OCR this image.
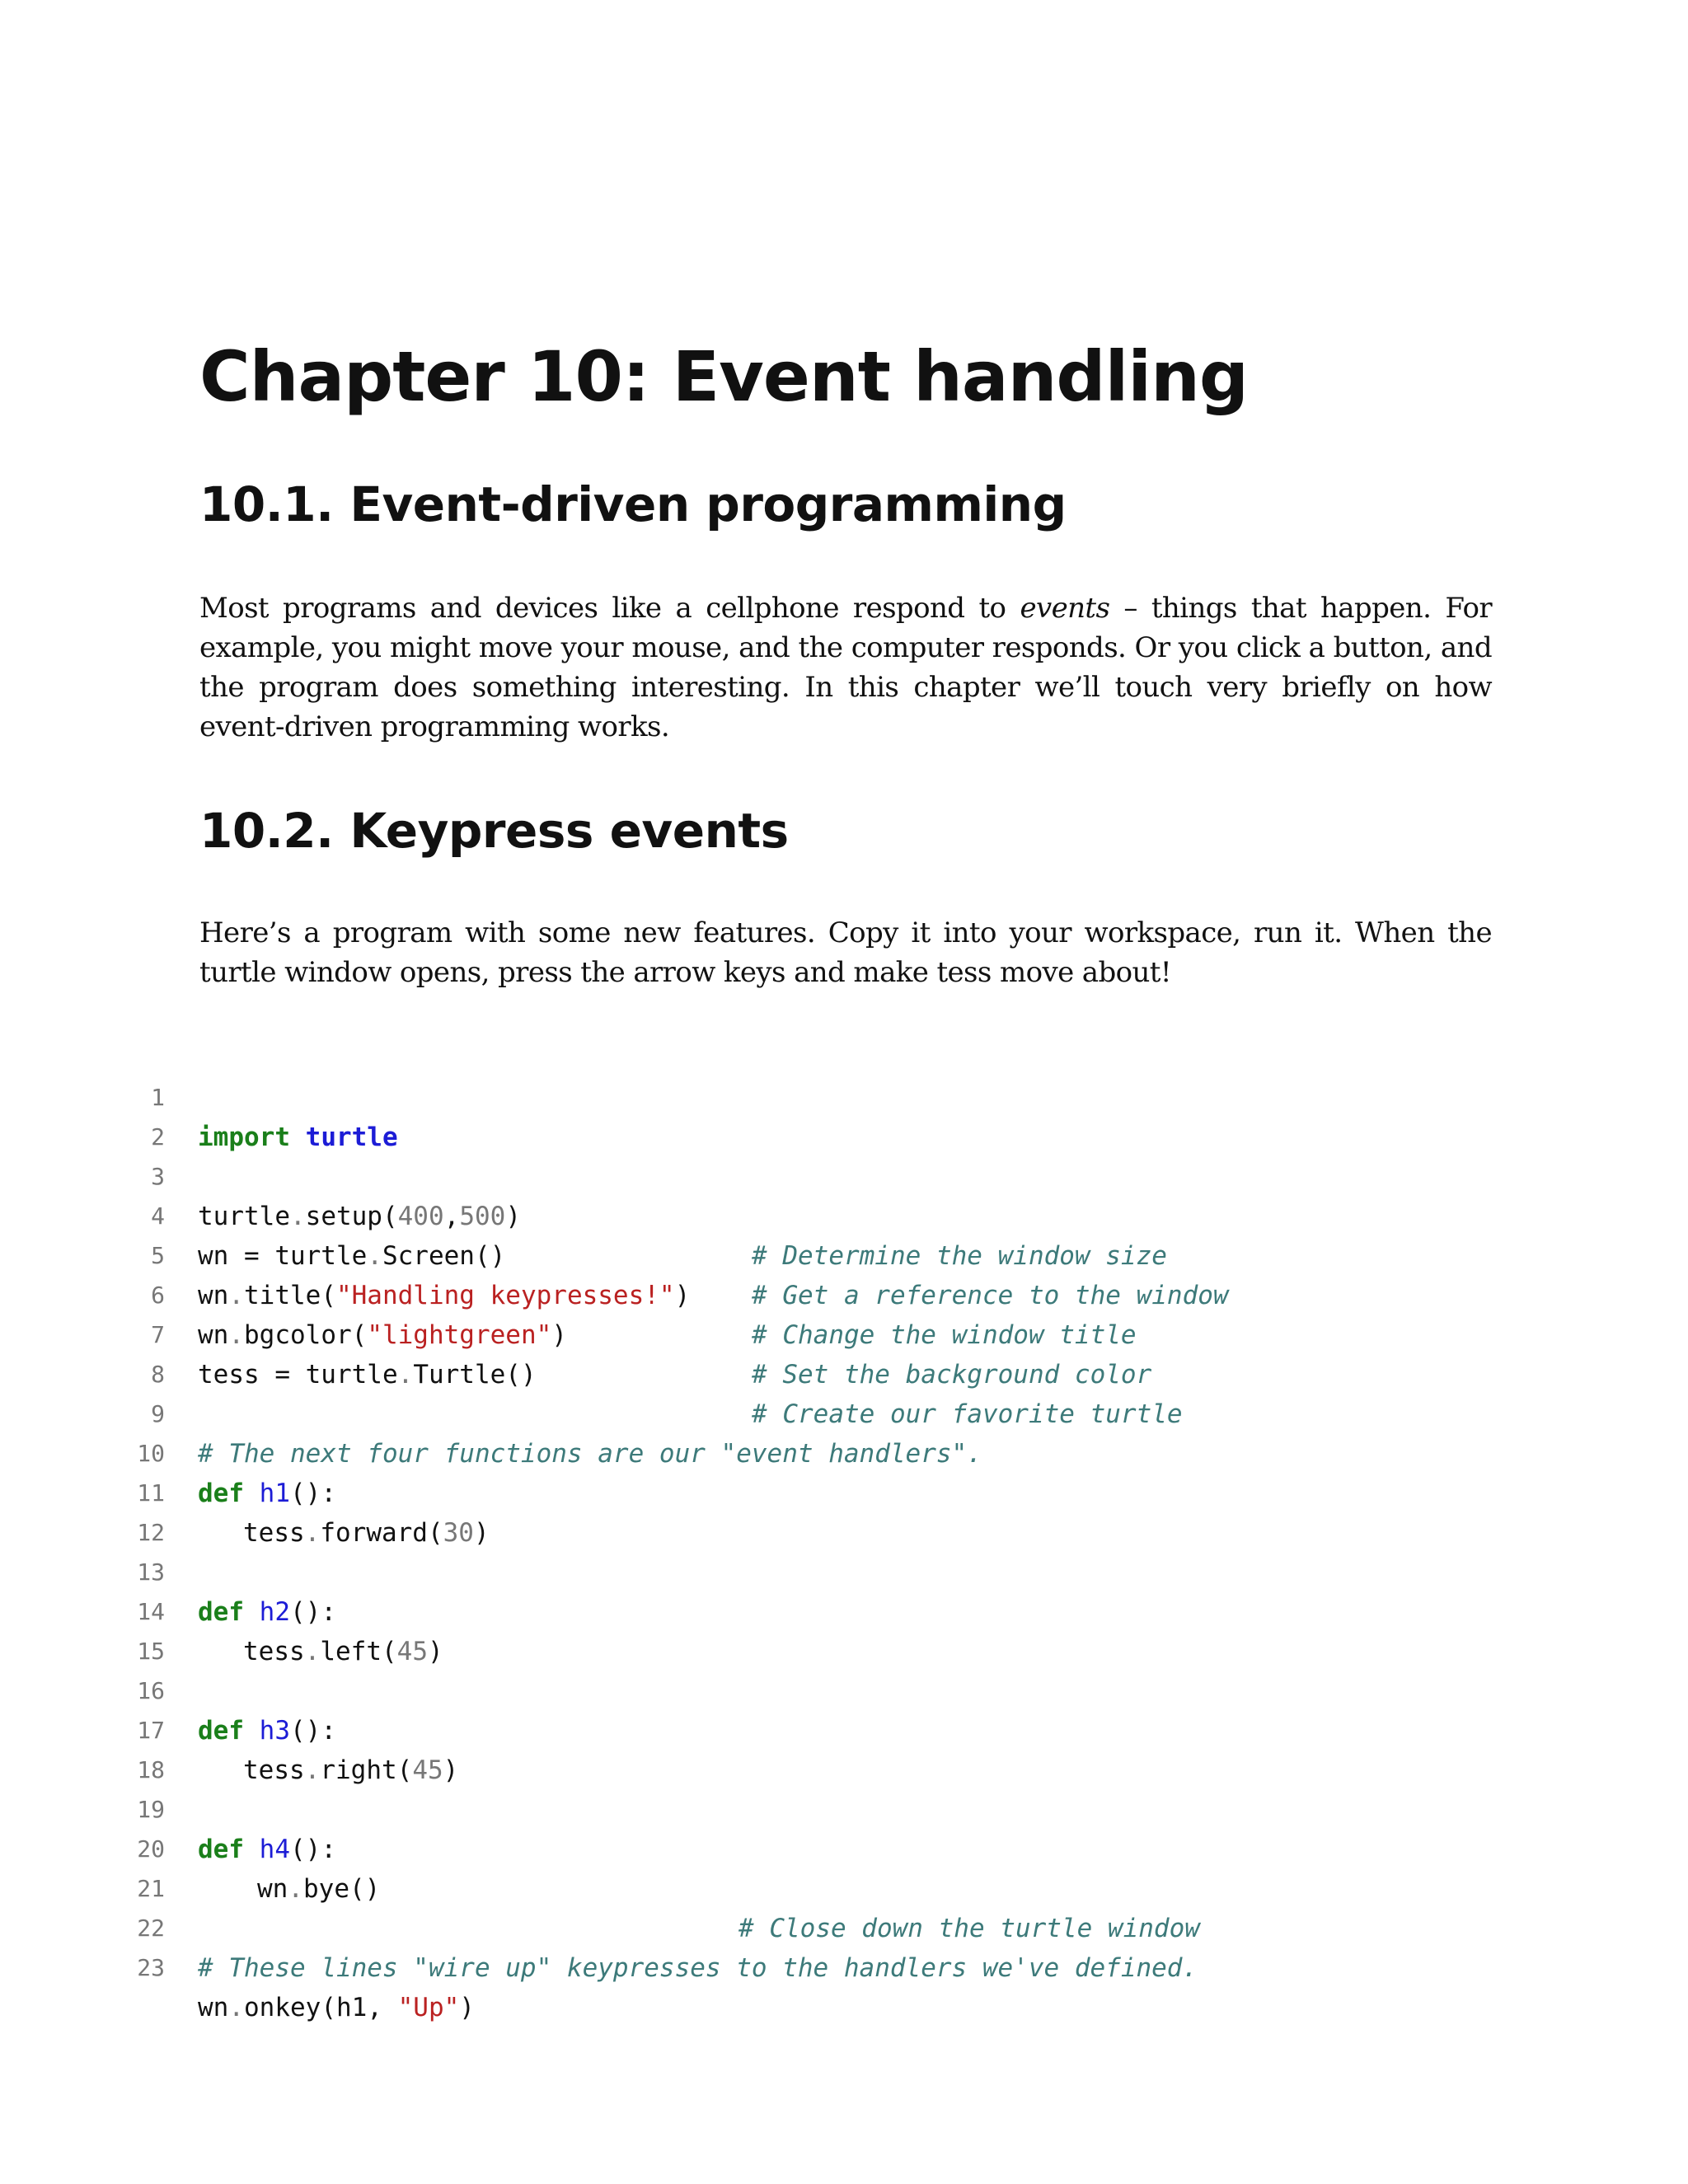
Chapter 10: Event handling
10.1. Event-driven programming

Most programs and devices like a cellphone respond to events – things that happen. For example, you might move your mouse, and the computer responds. Or you click a button, and the program does something interesting. In this chapter we’ll touch very briefly on how event-driven programming works.

10.2. Keypress events

Here’s a program with some new features. Copy it into your workspace, run it. When the turtle window opens, press the arrow keys and make tess move about!

1

import turtle

2

3

turtle.setup(400,500)

# Determine the window size

4

wn = turtle.Screen()

# Get a reference to the window

5

wn.title("Handling keypresses!")

# Change the window title

6

wn.bgcolor("lightgreen")

# Set the background color

7

tess = turtle.Turtle()

# Create our favorite turtle

8

9

# The next four functions are our "event handlers".

10

def h1():

11

tess.forward(30)

12

13

def h2():

14

tess.left(45)

15

16

def h3():

17

tess.right(45)

18

19

def h4():

20

wn.bye()

# Close down the turtle window

21

22

# These lines "wire up" keypresses to the handlers we've defined.

23

wn.onkey(h1, "Up")
